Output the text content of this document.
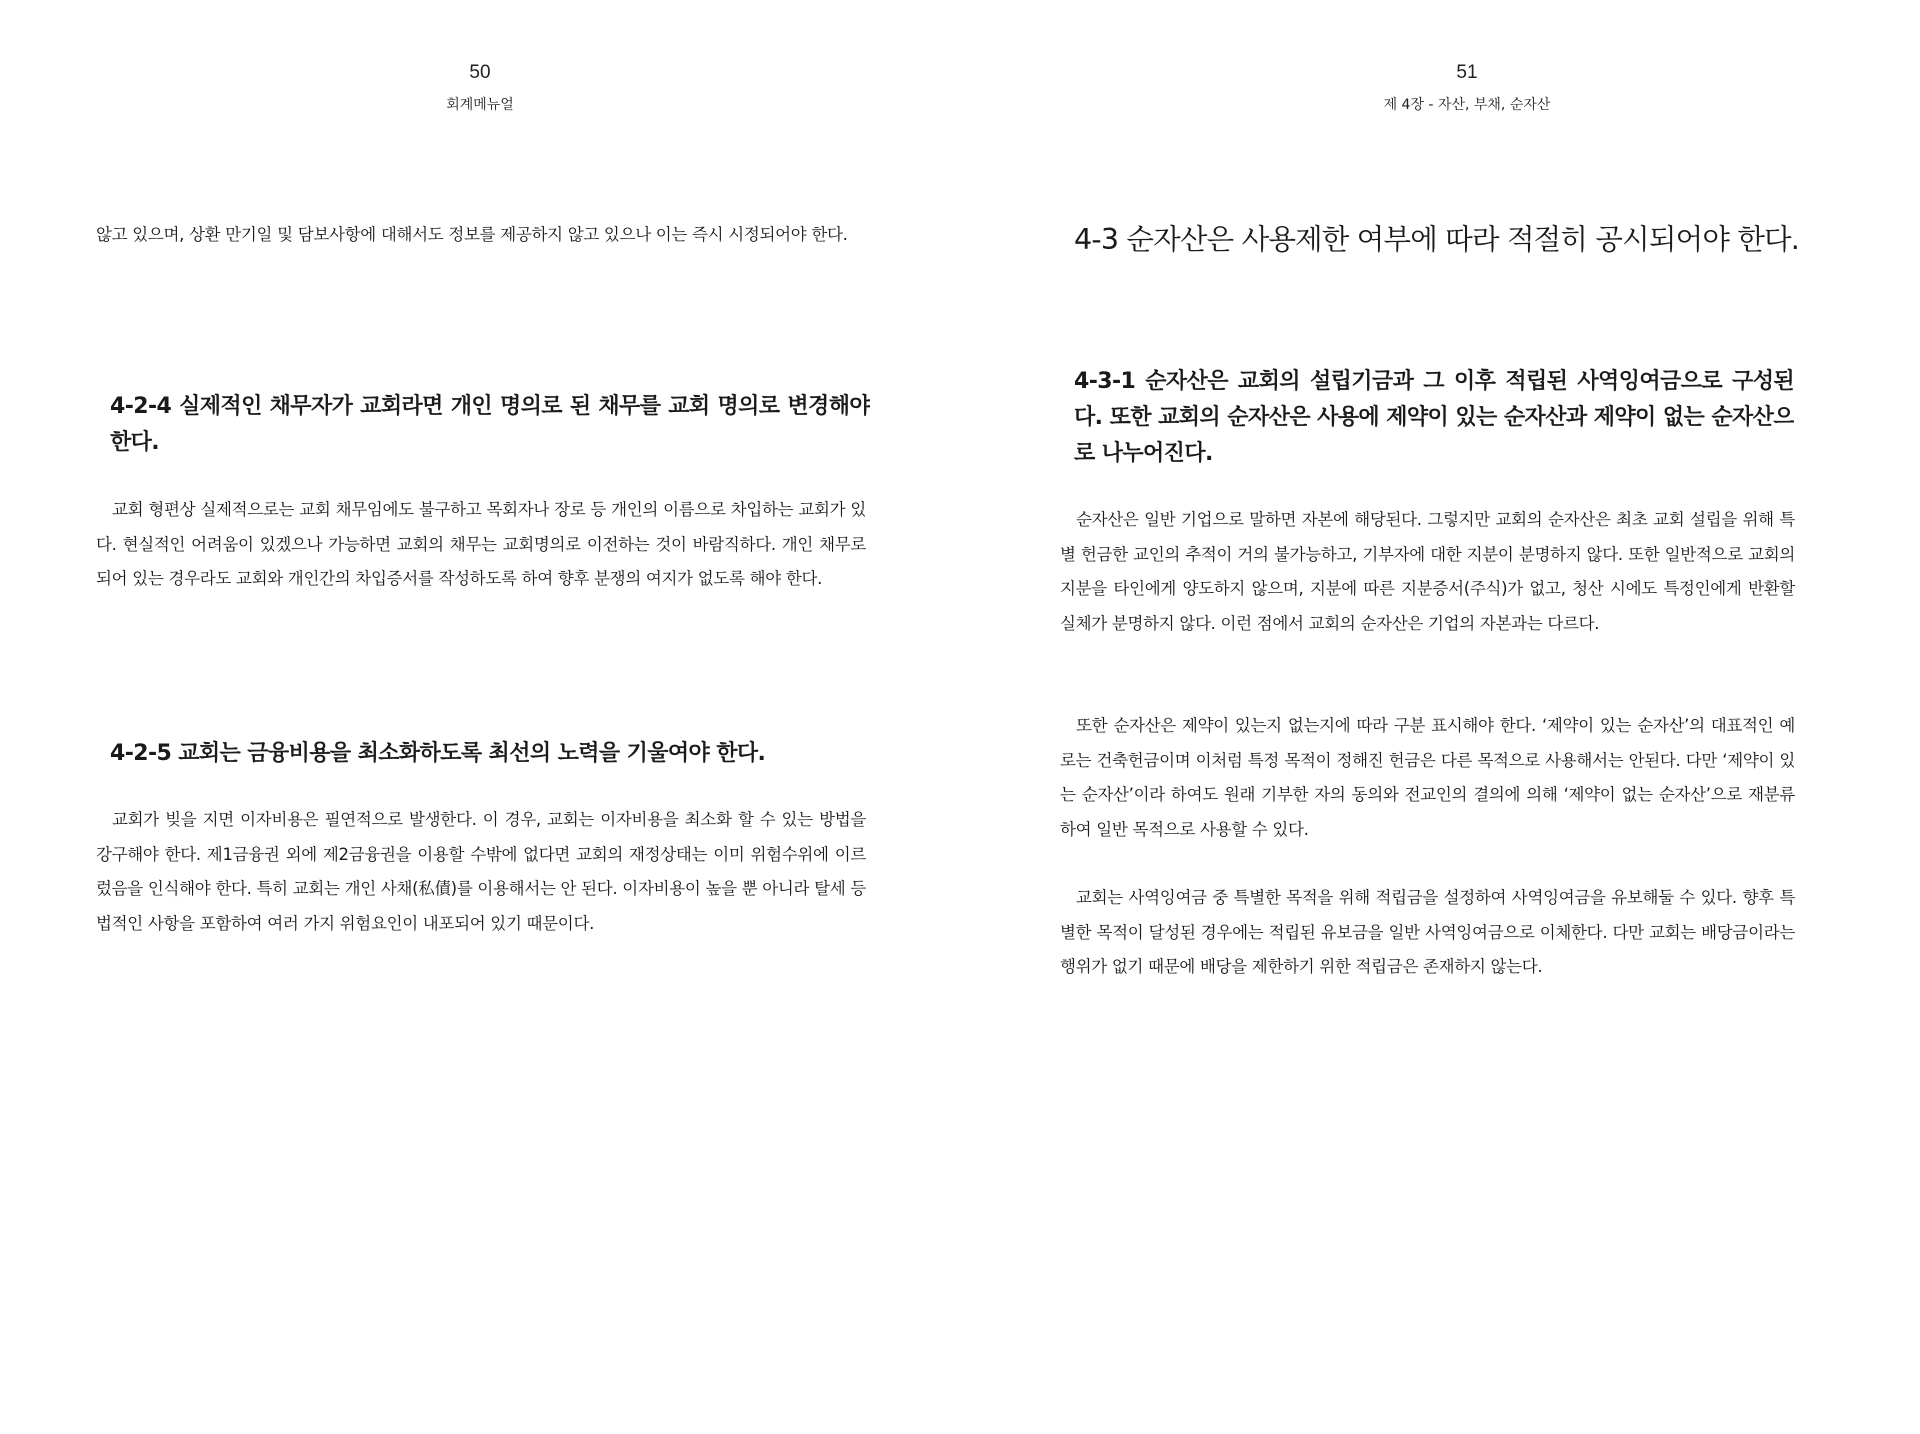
50
회계메뉴얼

않고 있으며, 상환 만기일 및 담보사항에 대해서도 정보를 제공하지 않고 있으나 이는 즉시 시정되어야 한다.

4-2-4 실제적인 채무자가 교회라면 개인 명의로 된 채무를 교회 명의로 변경해야 한다.

교회 형편상 실제적으로는 교회 채무임에도 불구하고 목회자나 장로 등 개인의 이름으로 차입하는 교회가 있다. 현실적인 어려움이 있겠으나 가능하면 교회의 채무는 교회명의로 이전하는 것이 바람직하다. 개인 채무로 되어 있는 경우라도 교회와 개인간의 차입증서를 작성하도록 하여 향후 분쟁의 여지가 없도록 해야 한다.

4-2-5 교회는 금융비용을 최소화하도록 최선의 노력을 기울여야 한다.

교회가 빚을 지면 이자비용은 필연적으로 발생한다. 이 경우, 교회는 이자비용을 최소화 할 수 있는 방법을 강구해야 한다. 제1금융권 외에 제2금융권을 이용할 수밖에 없다면 교회의 재정상태는 이미 위험수위에 이르렀음을 인식해야 한다. 특히 교회는 개인 사채(私債)를 이용해서는 안 된다. 이자비용이 높을 뿐 아니라 탈세 등 법적인 사항을 포함하여 여러 가지 위험요인이 내포되어 있기 때문이다.

51
제 4장 - 자산, 부채, 순자산
4-3 순자산은 사용제한 여부에 따라 적절히 공시되어야 한다.
4-3-1 순자산은 교회의 설립기금과 그 이후 적립된 사역잉여금으로 구성된다. 또한 교회의 순자산은 사용에 제약이 있는 순자산과 제약이 없는 순자산으로 나누어진다.

순자산은 일반 기업으로 말하면 자본에 해당된다. 그렇지만 교회의 순자산은 최초 교회 설립을 위해 특별 헌금한 교인의 추적이 거의 불가능하고, 기부자에 대한 지분이 분명하지 않다. 또한 일반적으로 교회의 지분을 타인에게 양도하지 않으며, 지분에 따른 지분증서(주식)가 없고, 청산 시에도 특정인에게 반환할 실체가 분명하지 않다. 이런 점에서 교회의 순자산은 기업의 자본과는 다르다.

또한 순자산은 제약이 있는지 없는지에 따라 구분 표시해야 한다. ‘제약이 있는 순자산’의 대표적인 예로는 건축헌금이며 이처럼 특정 목적이 정해진 헌금은 다른 목적으로 사용해서는 안된다. 다만 ‘제약이 있는 순자산’이라 하여도 원래 기부한 자의 동의와 전교인의 결의에 의해 ‘제약이 없는 순자산’으로 재분류하여 일반 목적으로 사용할 수 있다.

교회는 사역잉여금 중 특별한 목적을 위해 적립금을 설정하여 사역잉여금을 유보해둘 수 있다. 향후 특별한 목적이 달성된 경우에는 적립된 유보금을 일반 사역잉여금으로 이체한다. 다만 교회는 배당금이라는 행위가 없기 때문에 배당을 제한하기 위한 적립금은 존재하지 않는다.
